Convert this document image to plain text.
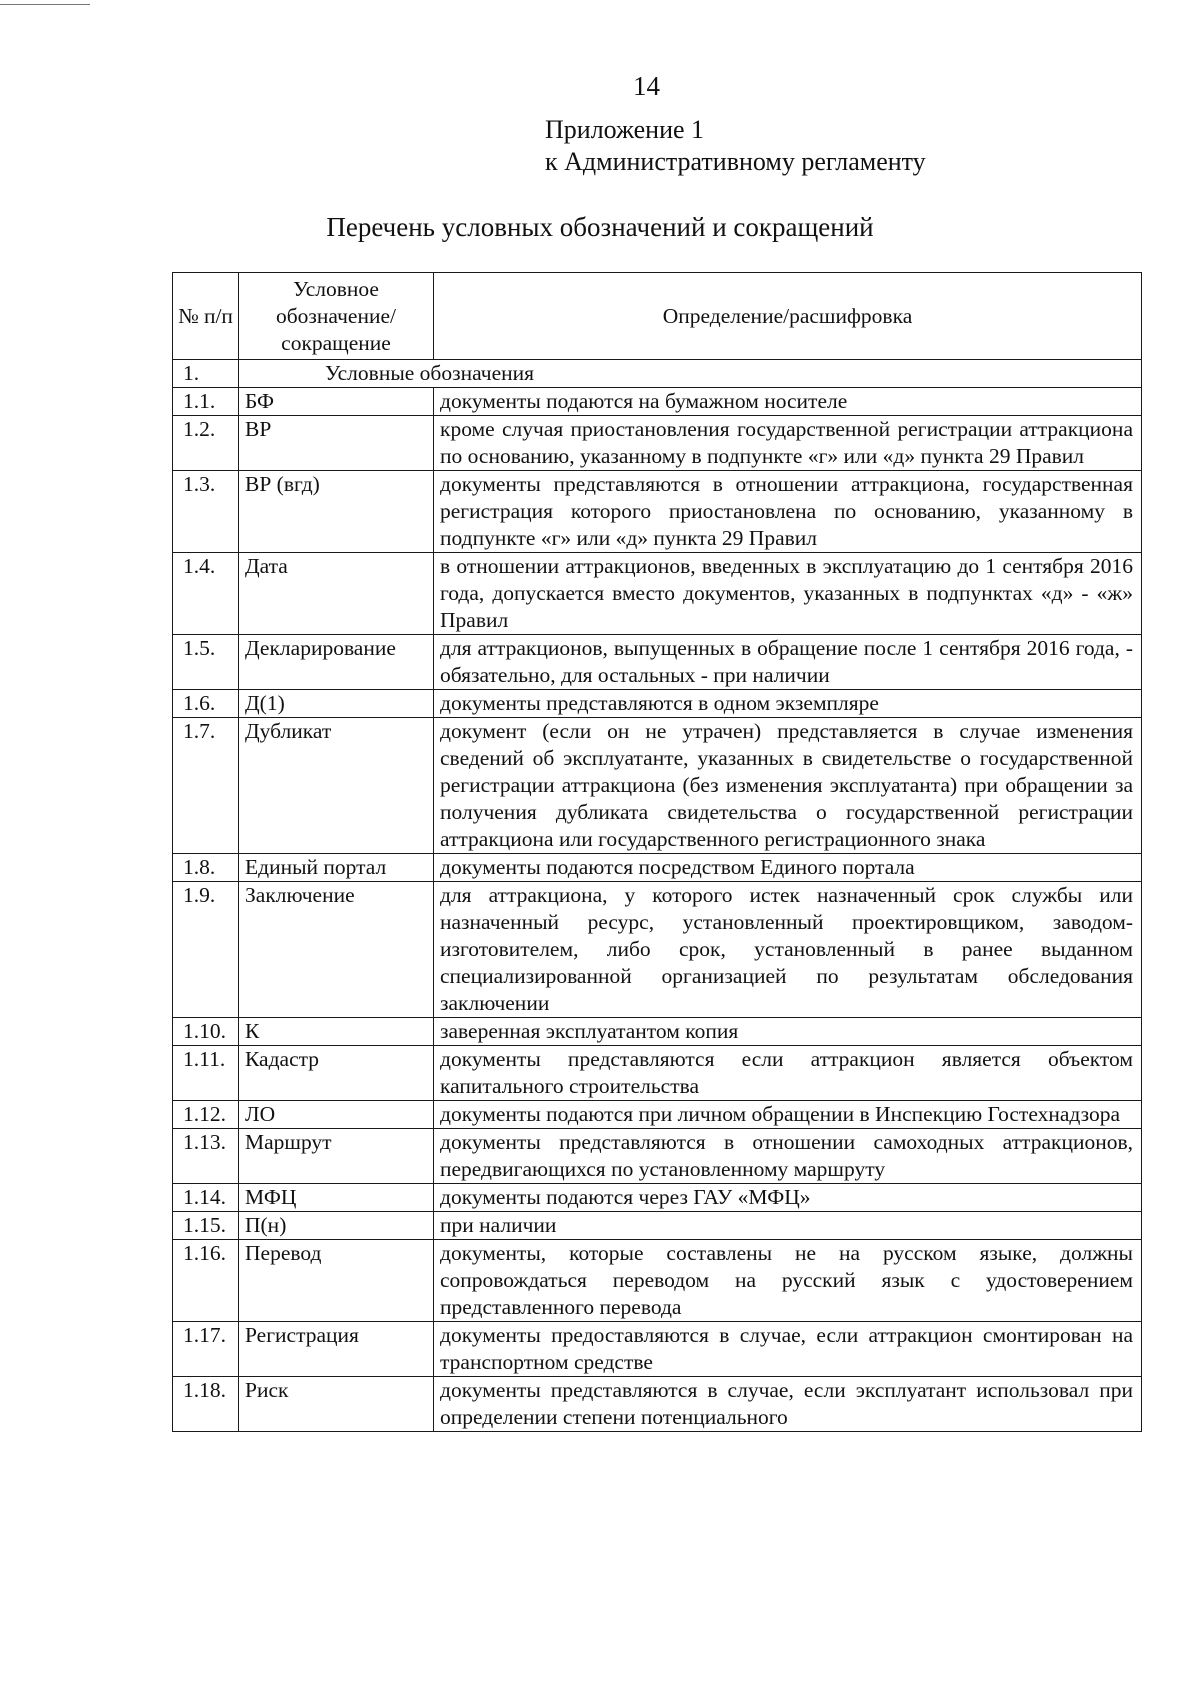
14
Приложение 1
к Административному регламенту
Перечень условных обозначений и сокращений
№ п/п	Условное обозначение/ сокращение	Определение/расшифровка
1.	Условные обозначения	
1.1.	БФ	документы подаются на бумажном носителе
1.2.	ВР	кроме случая приостановления государственной регистрации аттракциона по основанию, указанному в подпункте «г» или «д» пункта 29 Правил
1.3.	ВР (вгд)	документы представляются в отношении аттракциона, государственная регистрация которого приостановлена по основанию, указанному в подпункте «г» или «д» пункта 29 Правил
1.4.	Дата	в отношении аттракционов, введенных в эксплуатацию до 1 сентября 2016 года, допускается вместо документов, указанных в подпунктах «д» - «ж» Правил
1.5.	Декларирование	для аттракционов, выпущенных в обращение после 1 сентября 2016 года, - обязательно, для остальных - при наличии
1.6.	Д(1)	документы представляются в одном экземпляре
1.7.	Дубликат	документ (если он не утрачен) представляется в случае изменения сведений об эксплуатанте, указанных в свидетельстве о государственной регистрации аттракциона (без изменения эксплуатанта) при обращении за получения дубликата свидетельства о государственной регистрации аттракциона или государственного регистрационного знака
1.8.	Единый портал	документы подаются посредством Единого портала
1.9.	Заключение	для аттракциона, у которого истек назначенный срок службы или назначенный ресурс, установленный проектировщиком, заводом-изготовителем, либо срок, установленный в ранее выданном специализированной организацией по результатам обследования заключении
1.10.	К	заверенная эксплуатантом копия
1.11.	Кадастр	документы представляются если аттракцион является объектом капитального строительства
1.12.	ЛО	документы подаются при личном обращении в Инспекцию Гостехнадзора
1.13.	Маршрут	документы представляются в отношении самоходных аттракционов, передвигающихся по установленному маршруту
1.14.	МФЦ	документы подаются через ГАУ «МФЦ»
1.15.	П(н)	при наличии
1.16.	Перевод	документы, которые составлены не на русском языке, должны сопровождаться переводом на русский язык с удостоверением представленного перевода
1.17.	Регистрация	документы предоставляются в случае, если аттракцион смонтирован на транспортном средстве
1.18.	Риск	документы представляются в случае, если эксплуатант использовал при определении степени потенциального
